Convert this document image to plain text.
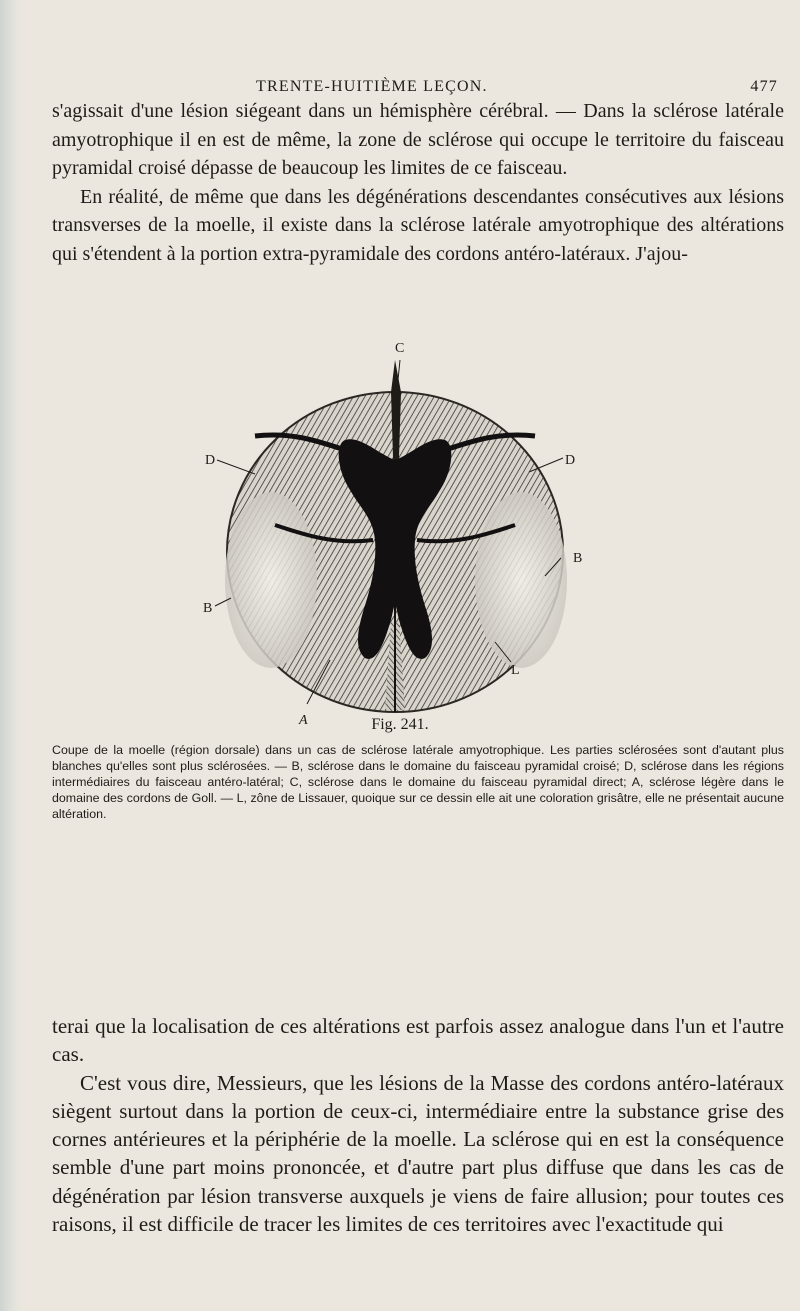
TRENTE-HUITIÈME LEÇON.	477

s'agissait d'une lésion siégeant dans un hémisphère cérébral. — Dans la sclérose latérale amyotrophique il en est de même, la zone de sclérose qui occupe le territoire du faisceau pyramidal croisé dépasse de beaucoup les limites de ce faisceau.

En réalité, de même que dans les dégénérations descendantes consécutives aux lésions transverses de la moelle, il existe dans la sclérose latérale amyotrophique des altérations qui s'étendent à la portion extra-pyramidale des cordons antéro-latéraux. J'ajou-

C
D	D
B
B
L
A	Fig. 241.

Coupe de la moelle (région dorsale) dans un cas de sclérose latérale amyotrophique. Les parties sclérosées sont d'autant plus blanches qu'elles sont plus sclérosées. — B, sclérose dans le domaine du faisceau pyramidal croisé; D, sclérose dans les régions intermédiaires du faisceau antéro-latéral; C, sclérose dans le domaine du faisceau pyramidal direct; A, sclérose légère dans le domaine des cordons de Goll. — L, zône de Lissauer, quoique sur ce dessin elle ait une coloration grisâtre, elle ne présentait aucune altération.

terai que la localisation de ces altérations est parfois assez analogue dans l'un et l'autre cas.

C'est vous dire, Messieurs, que les lésions de la Masse des cordons antéro-latéraux siègent surtout dans la portion de ceux-ci, intermédiaire entre la substance grise des cornes antérieures et la périphérie de la moelle. La sclérose qui en est la conséquence semble d'une part moins prononcée, et d'autre part plus diffuse que dans les cas de dégénération par lésion transverse auxquels je viens de faire allusion; pour toutes ces raisons, il est difficile de tracer les limites de ces territoires avec l'exactitude qui
